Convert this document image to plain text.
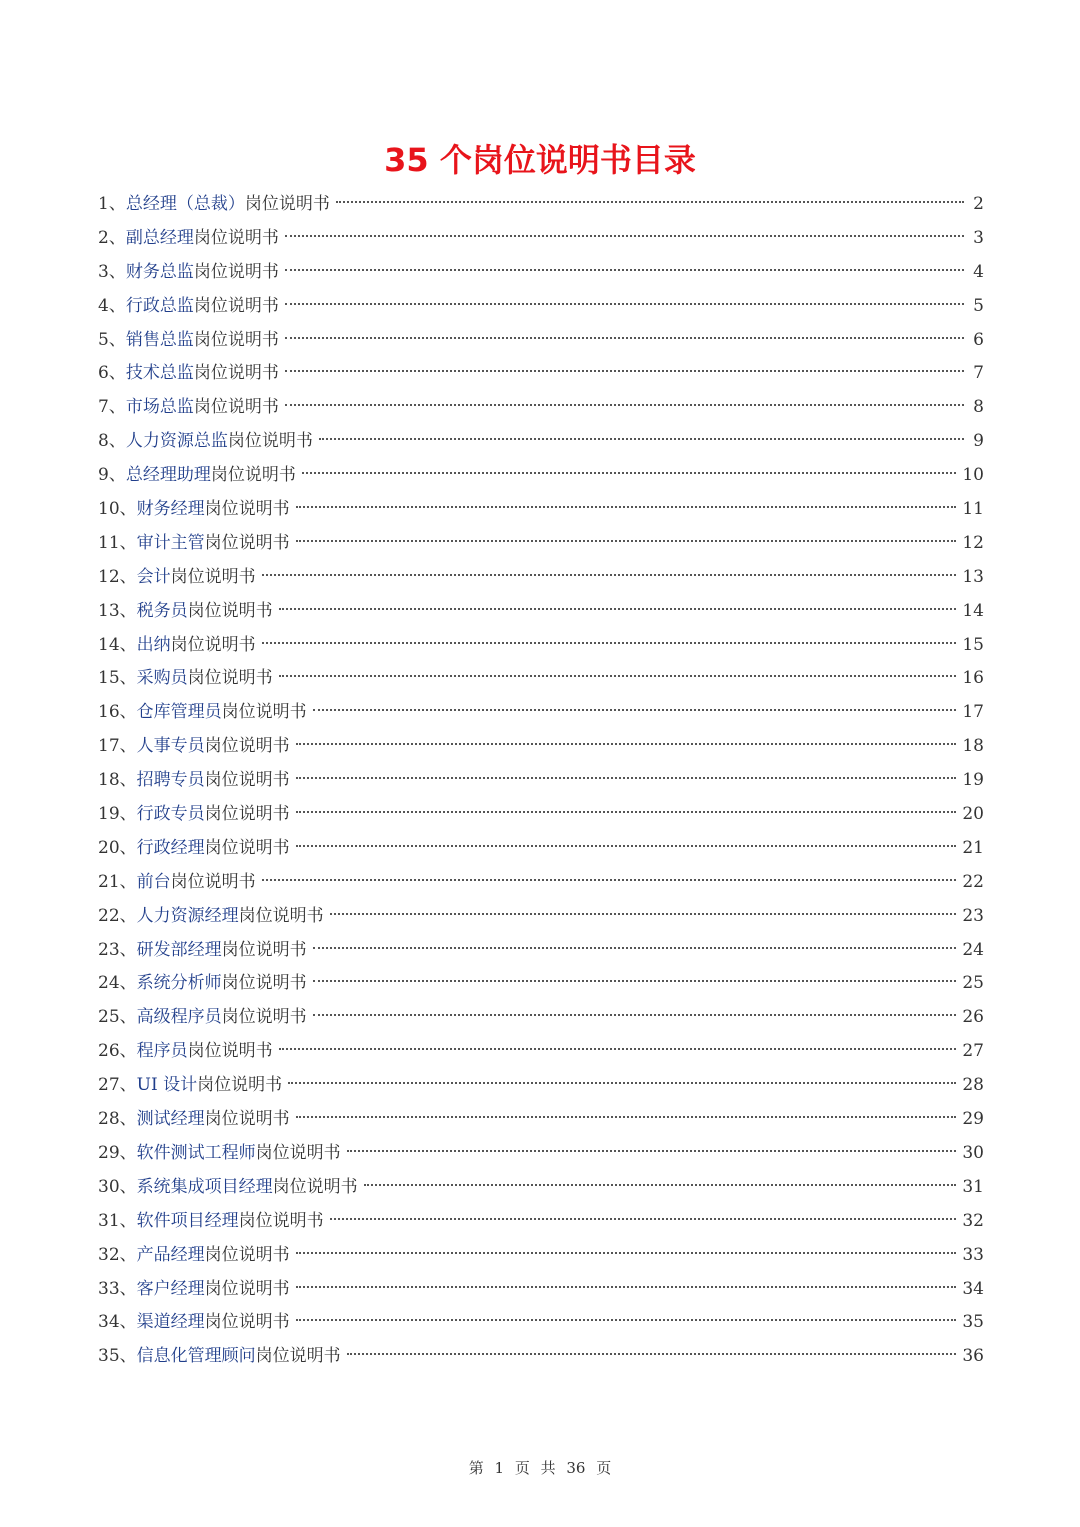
35 个岗位说明书目录
1、 总经理（总裁） 岗位说明书	2
2、 副总经理 岗位说明书	3
3、 财务总监 岗位说明书	4
4、 行政总监 岗位说明书	5
5、 销售总监 岗位说明书	6
6、 技术总监 岗位说明书	7
7、 市场总监 岗位说明书	8
8、 人力资源总监 岗位说明书	9
9、 总经理助理 岗位说明书	10
10、 财务经理 岗位说明书	11
11、 审计主管 岗位说明书	12
12、 会计 岗位说明书	13
13、 税务员 岗位说明书	14
14、 出纳 岗位说明书	15
15、 采购员 岗位说明书	16
16、 仓库管理员 岗位说明书	17
17、 人事专员 岗位说明书	18
18、 招聘专员 岗位说明书	19
19、 行政专员 岗位说明书	20
20、 行政经理 岗位说明书	21
21、 前台 岗位说明书	22
22、 人力资源经理 岗位说明书	23
23、 研发部经理 岗位说明书	24
24、 系统分析师 岗位说明书	25
25、 高级程序员 岗位说明书	26
26、 程序员 岗位说明书	27
27、 UI 设计 岗位说明书	28
28、 测试经理 岗位说明书	29
29、 软件测试工程师 岗位说明书	30
30、 系统集成项目经理 岗位说明书	31
31、 软件项目经理 岗位说明书	32
32、 产品经理 岗位说明书	33
33、 客户经理 岗位说明书	34
34、 渠道经理 岗位说明书	35
35、 信息化管理顾问 岗位说明书	36
第 1 页 共 36 页
